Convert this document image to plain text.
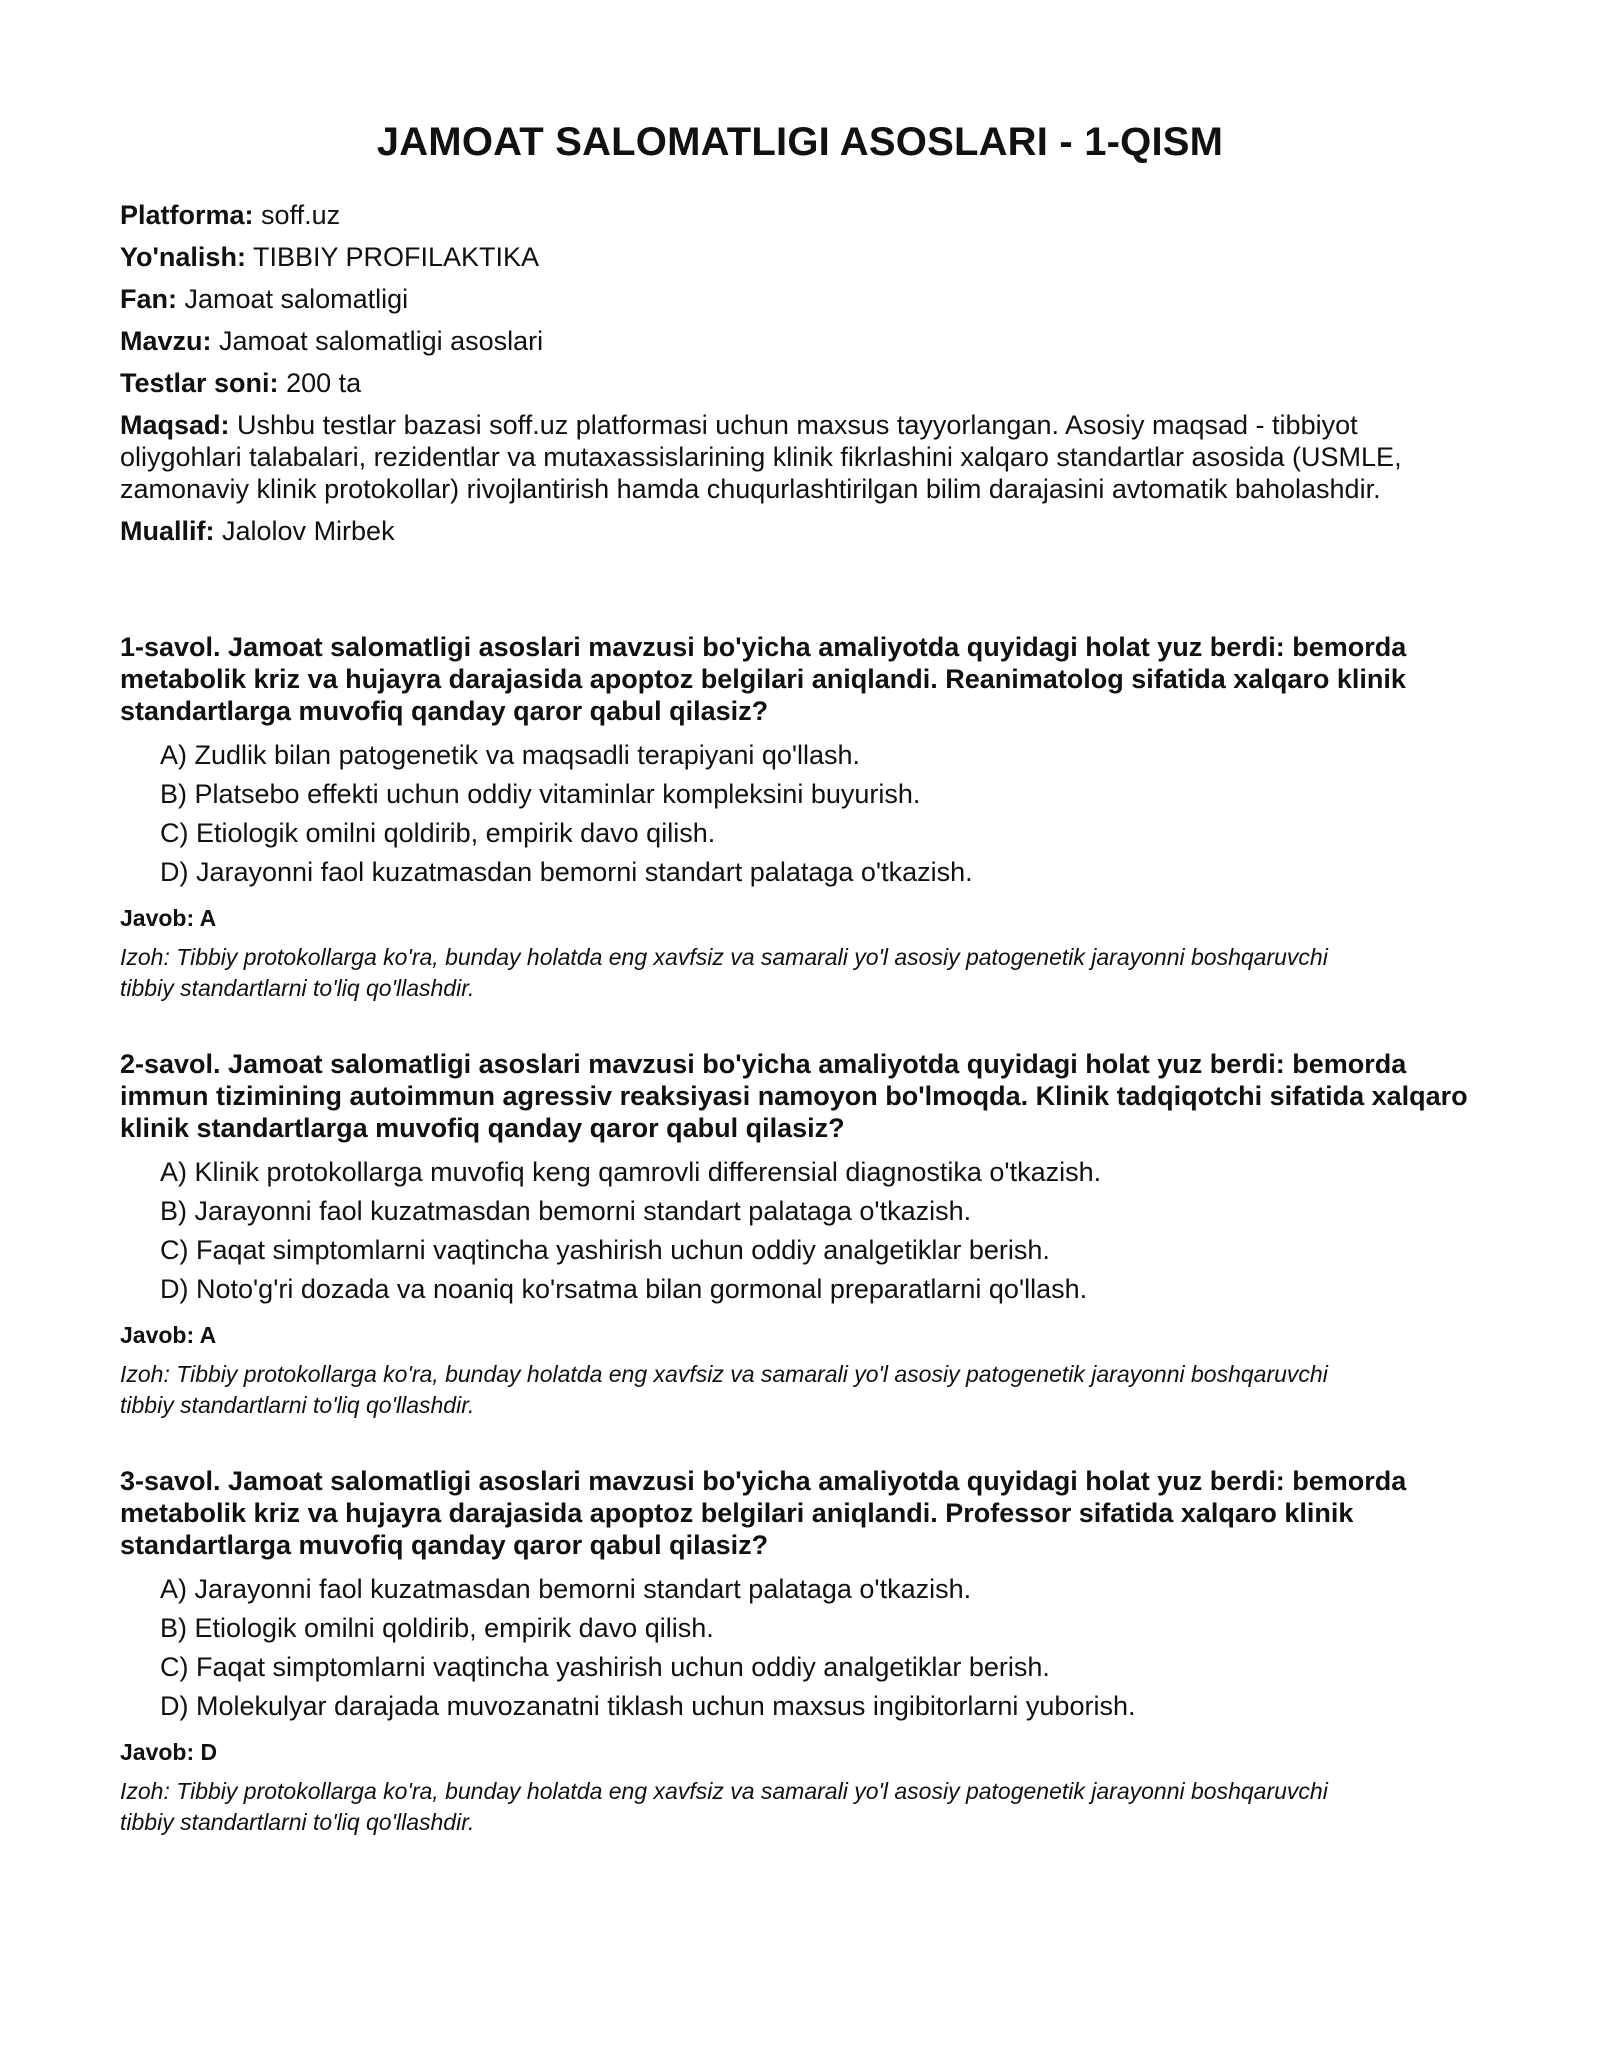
JAMOAT SALOMATLIGI ASOSLARI - 1-QISM

Platforma: soff.uz

Yo'nalish: TIBBIY PROFILAKTIKA

Fan: Jamoat salomatligi

Mavzu: Jamoat salomatligi asoslari

Testlar soni: 200 ta

Maqsad: Ushbu testlar bazasi soff.uz platformasi uchun maxsus tayyorlangan. Asosiy maqsad - tibbiyot oliygohlari talabalari, rezidentlar va mutaxassislarining klinik fikrlashini xalqaro standartlar asosida (USMLE, zamonaviy klinik protokollar) rivojlantirish hamda chuqurlashtirilgan bilim darajasini avtomatik baholashdir.

Muallif: Jalolov Mirbek

1-savol. Jamoat salomatligi asoslari mavzusi bo'yicha amaliyotda quyidagi holat yuz berdi: bemorda metabolik kriz va hujayra darajasida apoptoz belgilari aniqlandi. Reanimatolog sifatida xalqaro klinik standartlarga muvofiq qanday qaror qabul qilasiz?

A) Zudlik bilan patogenetik va maqsadli terapiyani qo'llash.
B) Platsebo effekti uchun oddiy vitaminlar kompleksini buyurish.
C) Etiologik omilni qoldirib, empirik davo qilish.
D) Jarayonni faol kuzatmasdan bemorni standart palataga o'tkazish.

Javob: A

Izoh: Tibbiy protokollarga ko'ra, bunday holatda eng xavfsiz va samarali yo'l asosiy patogenetik jarayonni boshqaruvchi tibbiy standartlarni to'liq qo'llashdir.

2-savol. Jamoat salomatligi asoslari mavzusi bo'yicha amaliyotda quyidagi holat yuz berdi: bemorda immun tizimining autoimmun agressiv reaksiyasi namoyon bo'lmoqda. Klinik tadqiqotchi sifatida xalqaro klinik standartlarga muvofiq qanday qaror qabul qilasiz?

A) Klinik protokollarga muvofiq keng qamrovli differensial diagnostika o'tkazish.
B) Jarayonni faol kuzatmasdan bemorni standart palataga o'tkazish.
C) Faqat simptomlarni vaqtincha yashirish uchun oddiy analgetiklar berish.
D) Noto'g'ri dozada va noaniq ko'rsatma bilan gormonal preparatlarni qo'llash.

Javob: A

Izoh: Tibbiy protokollarga ko'ra, bunday holatda eng xavfsiz va samarali yo'l asosiy patogenetik jarayonni boshqaruvchi tibbiy standartlarni to'liq qo'llashdir.

3-savol. Jamoat salomatligi asoslari mavzusi bo'yicha amaliyotda quyidagi holat yuz berdi: bemorda metabolik kriz va hujayra darajasida apoptoz belgilari aniqlandi. Professor sifatida xalqaro klinik standartlarga muvofiq qanday qaror qabul qilasiz?

A) Jarayonni faol kuzatmasdan bemorni standart palataga o'tkazish.
B) Etiologik omilni qoldirib, empirik davo qilish.
C) Faqat simptomlarni vaqtincha yashirish uchun oddiy analgetiklar berish.
D) Molekulyar darajada muvozanatni tiklash uchun maxsus ingibitorlarni yuborish.

Javob: D

Izoh: Tibbiy protokollarga ko'ra, bunday holatda eng xavfsiz va samarali yo'l asosiy patogenetik jarayonni boshqaruvchi tibbiy standartlarni to'liq qo'llashdir.
